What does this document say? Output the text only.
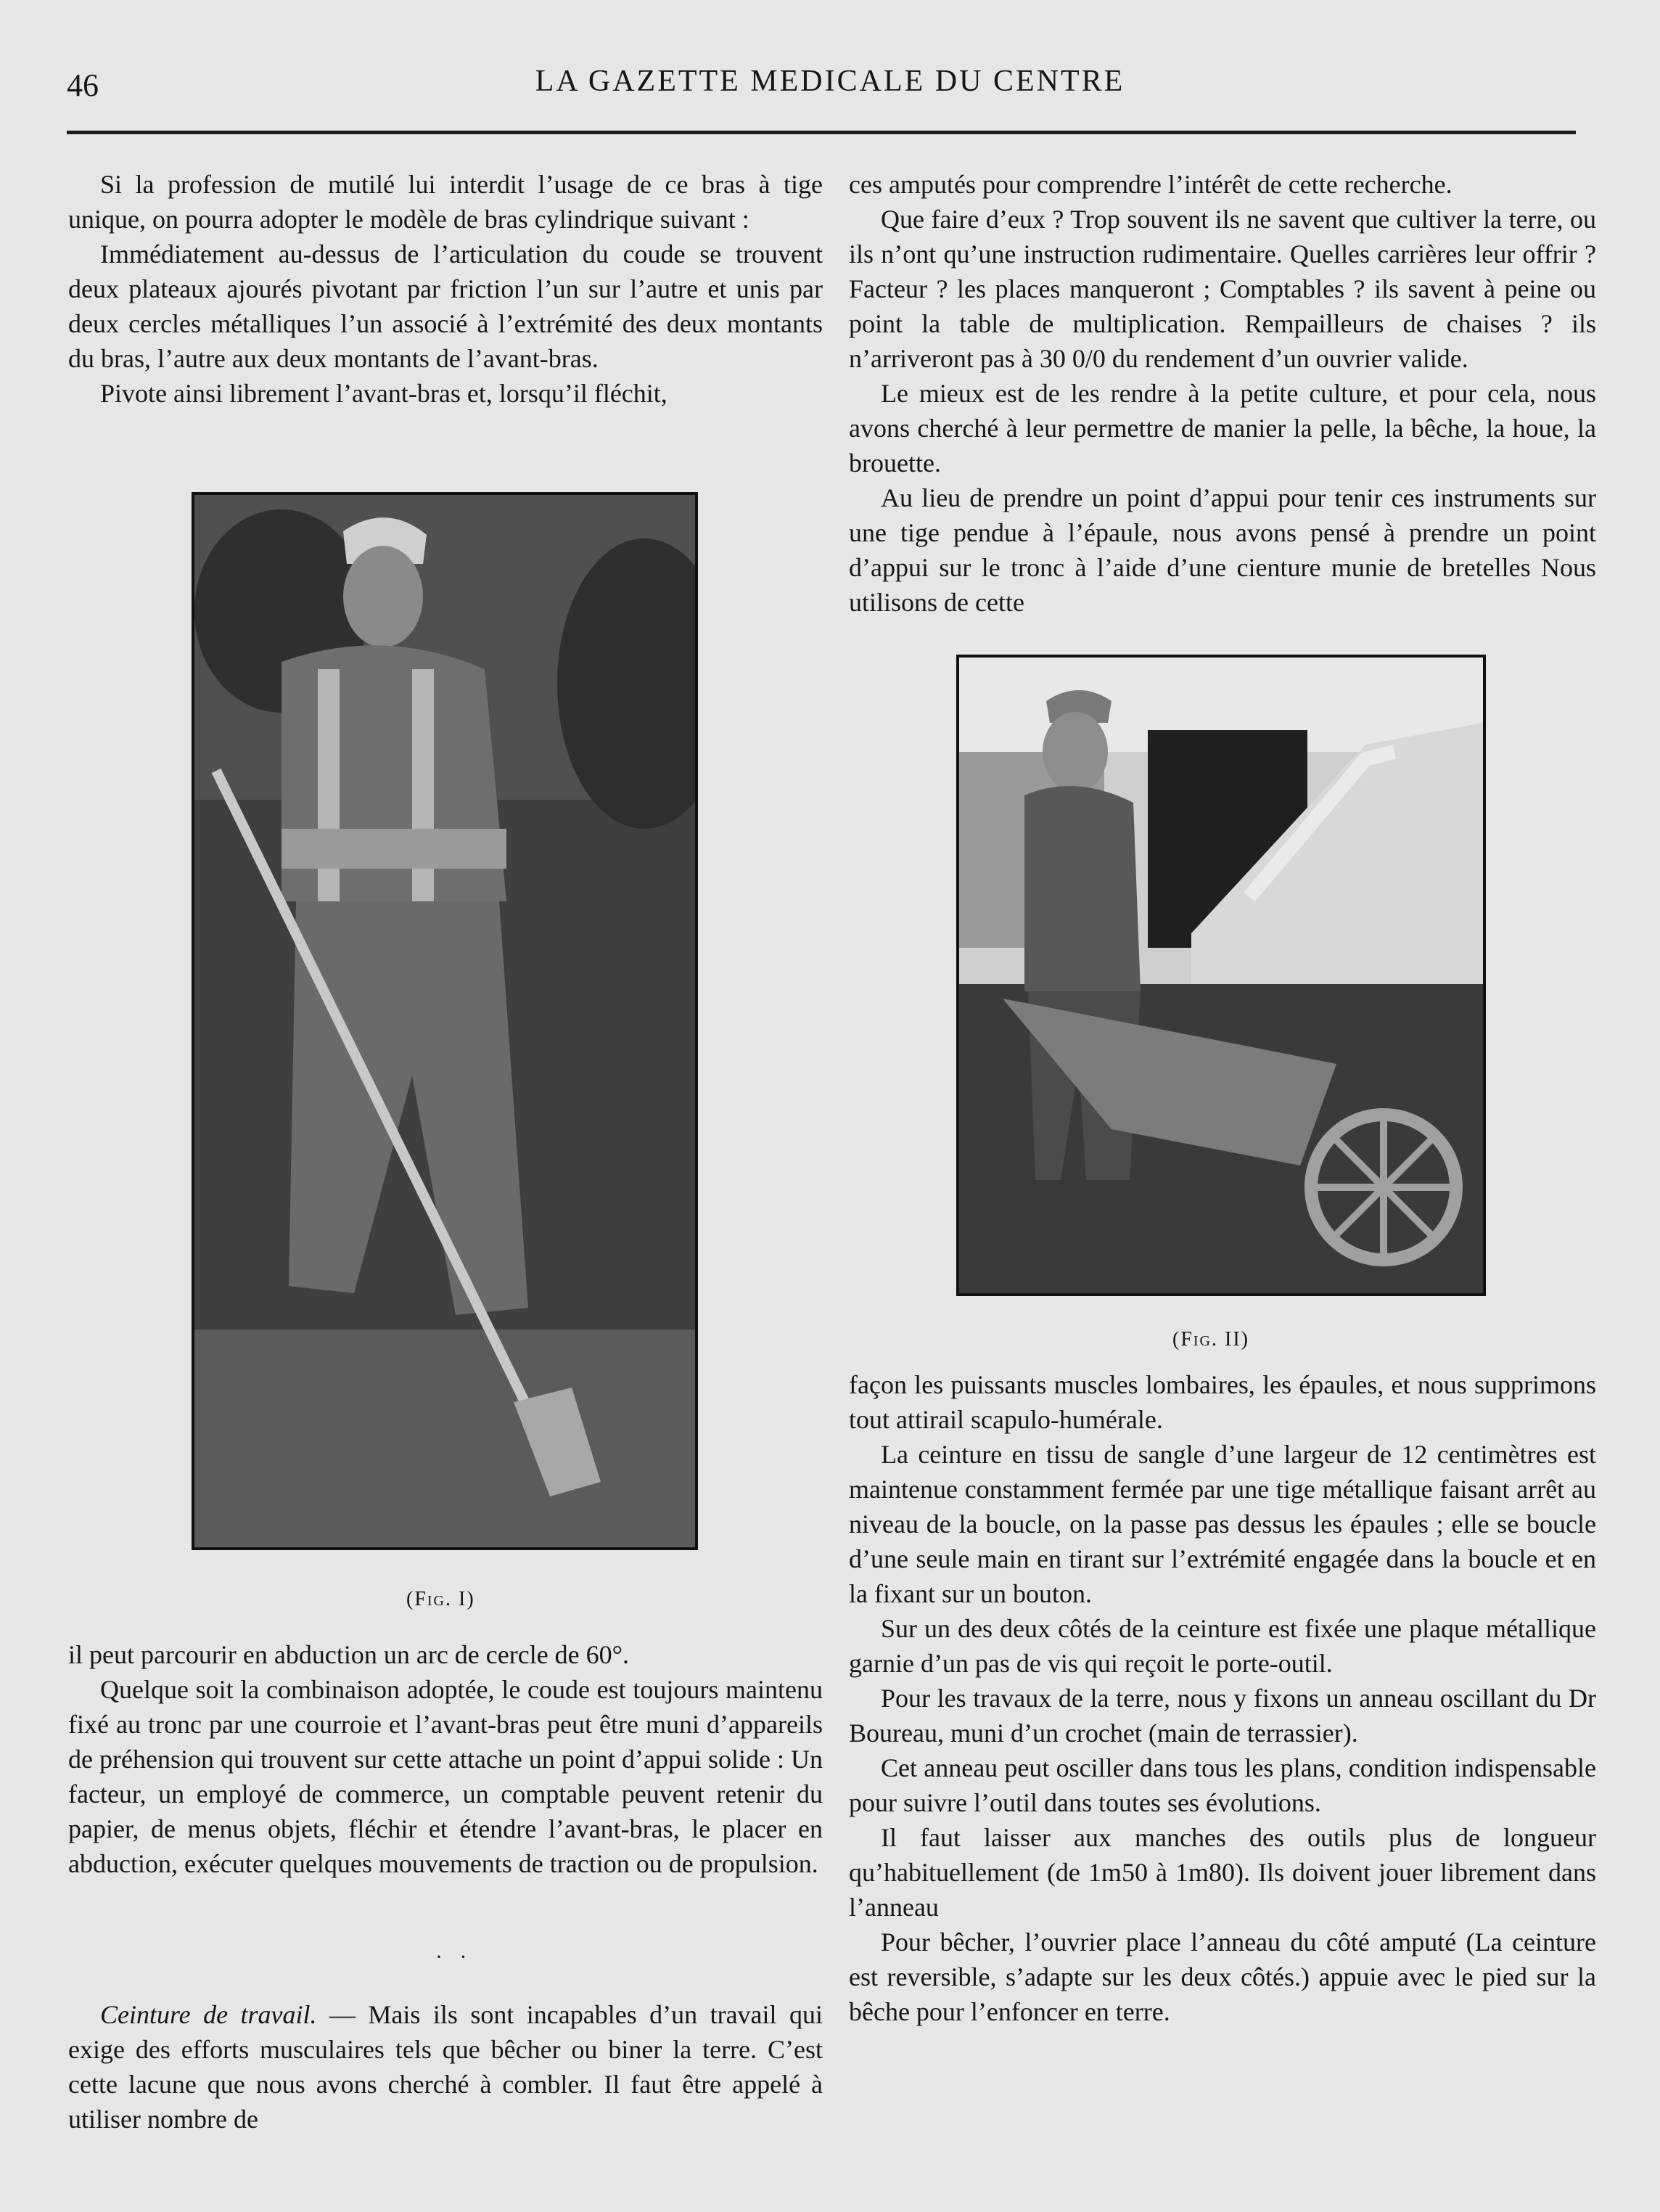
46	LA GAZETTE MEDICALE DU CENTRE

Si la profession de mutilé lui interdit l’usage de ce bras à tige unique, on pourra adopter le modèle de bras cylindrique suivant :

Immédiatement au-dessus de l’articulation du coude se trouvent deux plateaux ajourés pivotant par friction l’un sur l’autre et unis par deux cercles métalliques l’un associé à l’extrémité des deux montants du bras, l’autre aux deux montants de l’avant-bras.

Pivote ainsi librement l’avant-bras et, lorsqu’il fléchit,

(Fig. I)

il peut parcourir en abduction un arc de cercle de 60°.

Quelque soit la combinaison adoptée, le coude est toujours maintenu fixé au tronc par une courroie et l’avant-bras peut être muni d’appareils de préhension qui trouvent sur cette attache un point d’appui solide : Un facteur, un employé de commerce, un comptable peuvent retenir du papier, de menus objets, fléchir et étendre l’avant-bras, le placer en abduction, exécuter quelques mouvements de traction ou de propulsion.

· ·

Ceinture de travail. — Mais ils sont incapables d’un travail qui exige des efforts musculaires tels que bêcher ou biner la terre. C’est cette lacune que nous avons cherché à combler. Il faut être appelé à utiliser nombre de

ces amputés pour comprendre l’intérêt de cette recherche.

Que faire d’eux ? Trop souvent ils ne savent que cultiver la terre, ou ils n’ont qu’une instruction rudimentaire. Quelles carrières leur offrir ? Facteur ? les places manqueront ; Comptables ? ils savent à peine ou point la table de multiplication. Rempailleurs de chaises ? ils n’arriveront pas à 30 0/0 du rendement d’un ouvrier valide.

Le mieux est de les rendre à la petite culture, et pour cela, nous avons cherché à leur permettre de manier la pelle, la bêche, la houe, la brouette.

Au lieu de prendre un point d’appui pour tenir ces instruments sur une tige pendue à l’épaule, nous avons pensé à prendre un point d’appui sur le tronc à l’aide d’une cienture munie de bretelles Nous utilisons de cette

(Fig. II)

façon les puissants muscles lombaires, les épaules, et nous supprimons tout attirail scapulo-humérale.

La ceinture en tissu de sangle d’une largeur de 12 centimètres est maintenue constamment fermée par une tige métallique faisant arrêt au niveau de la boucle, on la passe pas dessus les épaules ; elle se boucle d’une seule main en tirant sur l’extrémité engagée dans la boucle et en la fixant sur un bouton.

Sur un des deux côtés de la ceinture est fixée une plaque métallique garnie d’un pas de vis qui reçoit le porte-outil.

Pour les travaux de la terre, nous y fixons un anneau oscillant du Dr Boureau, muni d’un crochet (main de terrassier).

Cet anneau peut osciller dans tous les plans, condition indispensable pour suivre l’outil dans toutes ses évolutions.

Il faut laisser aux manches des outils plus de longueur qu’habituellement (de 1m50 à 1m80). Ils doivent jouer librement dans l’anneau

Pour bêcher, l’ouvrier place l’anneau du côté amputé (La ceinture est reversible, s’adapte sur les deux côtés.) appuie avec le pied sur la bêche pour l’enfoncer en terre.
